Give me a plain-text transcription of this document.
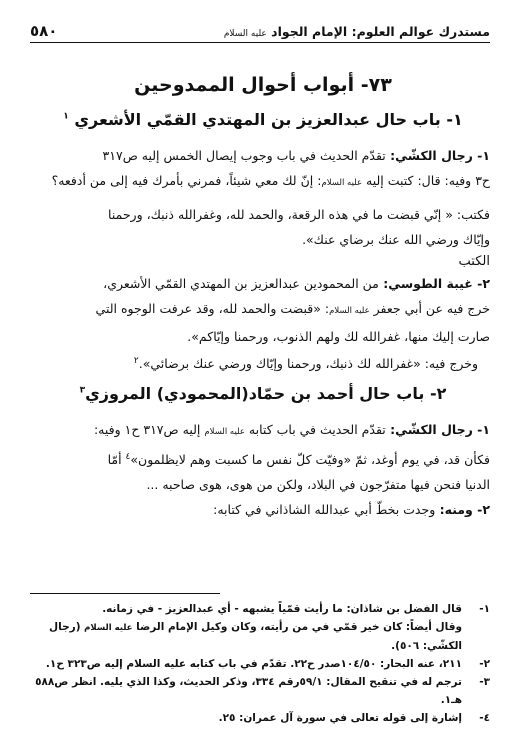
مستدرك عوالم العلوم: الإمام الجواد عليه السلام
٥٨٠
٧٣- أبواب أحوال الممدوحين
١- باب حال عبدالعزيز بن المهتدي القمّي الأشعري $^١$

١- رجال الكشّي: تقدّم الحديث في باب وجوب إيصال الخمس إليه ص٣١٧

ح٣ وفيه: قال: كتبت إليه عليه السلام: إنّ لك معي شيئاً، فمرني بأمرك فيه إلى من أدفعه؟

فكتب: « إنّي قبضت ما في هذه الرقعة، والحمد لله، وغفرالله ذنبك، ورحمنا

وإيّاك ورضي الله عنك برضاي عنك».

الكتب

٢- غيبة الطوسي: من المحمودين عبدالعزيز بن المهتدي القمّي الأشعري،

خرج فيه عن أبي جعفر عليه السلام: «قبضت والحمد لله، وقد عرفت الوجوه التي

صارت إليك منها، غفرالله لك ولهم الذنوب، ورحمنا وإيّاكم».

وخرج فيه: «غفرالله لك ذنبك، ورحمنا وإيّاك ورضي عنك برضائي».$^٢$

٢- باب حال أحمد بن حمّاد(المحمودي) المروزي$^٣$

١- رجال الكشّي: تقدّم الحديث في باب كتابه عليه السلام إليه ص٣١٧ ح١ وفيه:

فكأن قد، في يوم أوغد، ثمّ «وفيّت كلّ نفس ما كسبت وهم لايظلمون»$^٤$ أمّا

الدنيا فنحن فيها متفرّجون في البلاد، ولكن من هوى، هوى صاحبه ...

٢- ومنه: وجدت بخطّ أبي عبدالله الشاذاني في كتابه:

١-
قال الفضل بن شاذان: ما رأيت قمّياً يشبهه - أي عبدالعزيز - في زمانه.
وقال أيضاً: كان خير قمّي في من رأيته، وكان وكيل الإمام الرضا عليه السلام (رجال الكشّي: ٥٠٦).
٢-
٢١١، عنه البحار: ١٠٤/٥٠صدر ح٢٢. تقدّم في باب كتابه عليه السلام إليه ص٣٢٣ ح١.
٣-
ترجم له في تنقيح المقال: ٥٩/١رقم ٣٣٤، وذكر الحديث، وكذا الذي يليه. انظر ص٥٨٨ هـ١.
٤-
إشارة إلى قوله تعالى في سورة آل عمران: ٢٥.
